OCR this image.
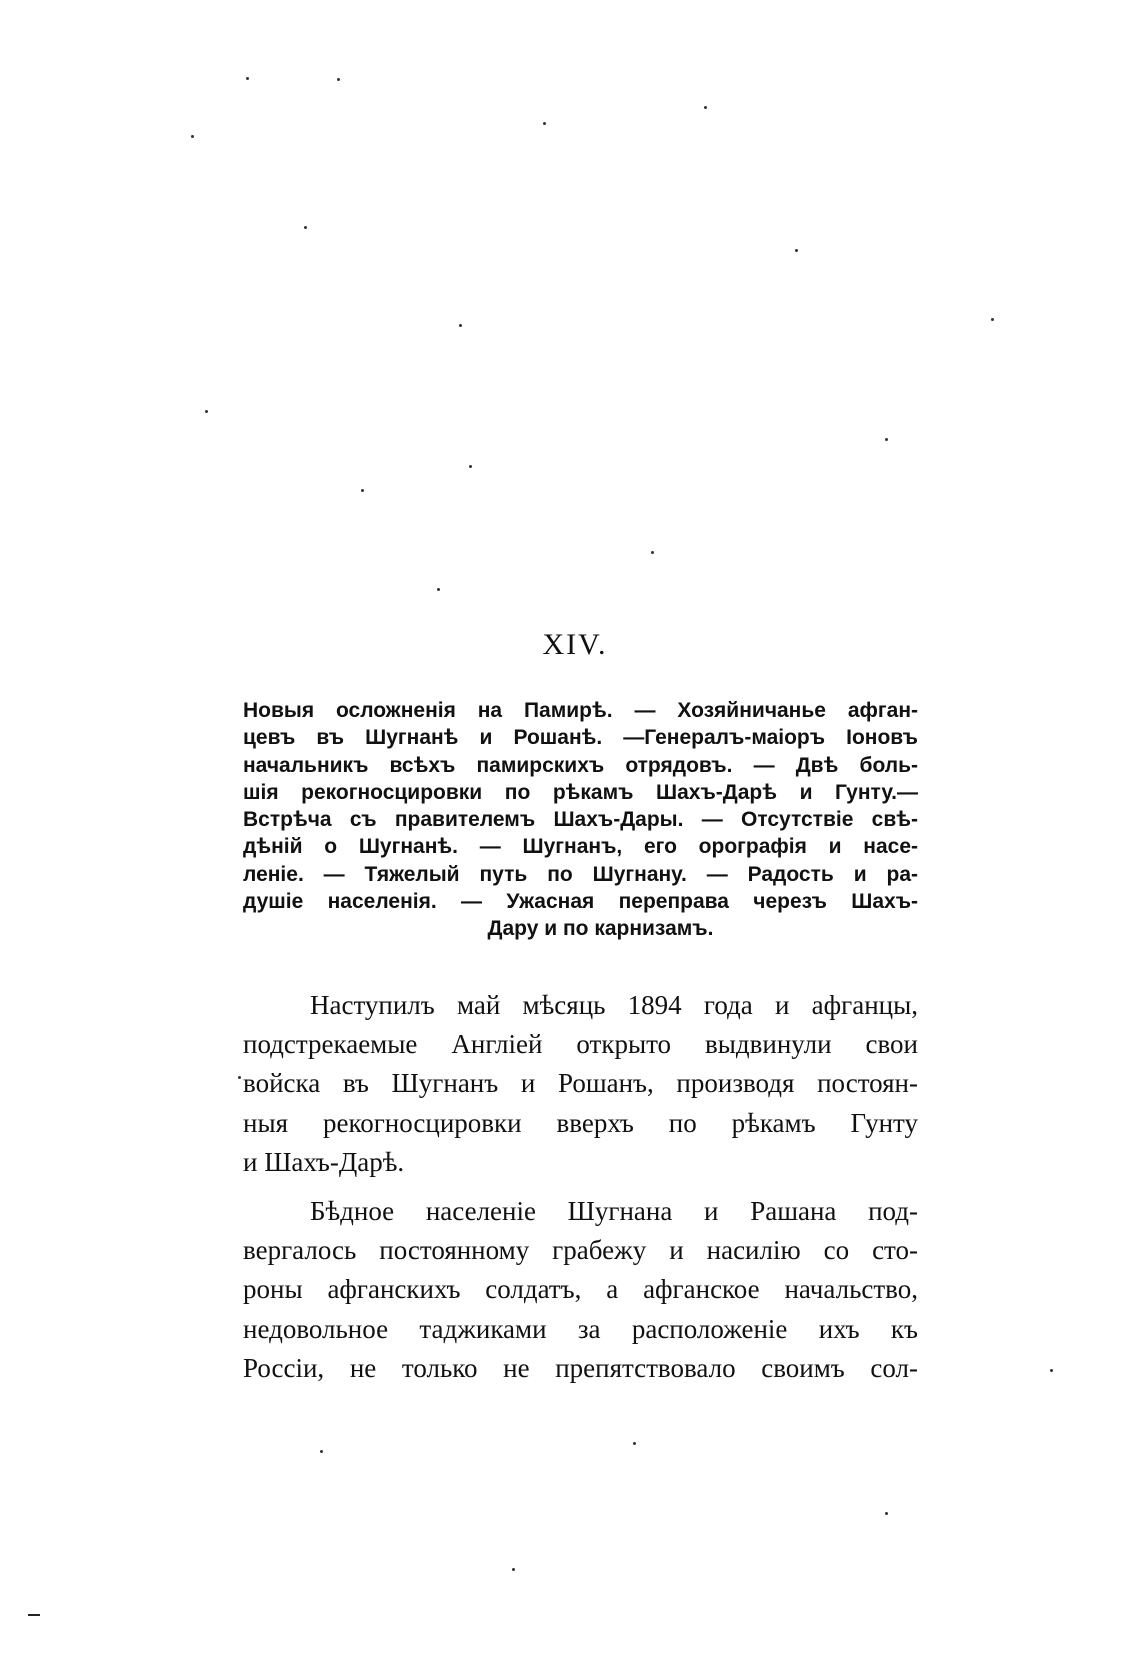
XIV.
Новыя осложненія на Памирѣ. — Хозяйничанье афган-
цевъ въ Шугнанѣ и Рошанѣ. —Генералъ-маіоръ Іоновъ
начальникъ всѣхъ памирскихъ отрядовъ. — Двѣ боль-
шія рекогносцировки по рѣкамъ Шахъ-Дарѣ и Гунту.—
Встрѣча съ правителемъ Шахъ-Дары. — Отсутствіе свѣ-
дѣній о Шугнанѣ. — Шугнанъ, его орографія и насе-
леніе. — Тяжелый путь по Шугнану. — Радость и ра-
душіе населенія. — Ужасная переправа черезъ Шахъ-
Дару и по карнизамъ.
Наступилъ май мѣсяць 1894 года и афганцы,
подстрекаемые Англіей открыто выдвинули свои
войска въ Шугнанъ и Рошанъ, производя постоян-
ныя рекогносцировки вверхъ по рѣкамъ Гунту
и Шахъ-Дарѣ.
Бѣдное населеніе Шугнана и Рашана под-
вергалось постоянному грабежу и насилію со сто-
роны афганскихъ солдатъ, а афганское начальство,
недовольное таджиками за расположеніе ихъ къ
Россіи, не только не препятствовало своимъ сол-
